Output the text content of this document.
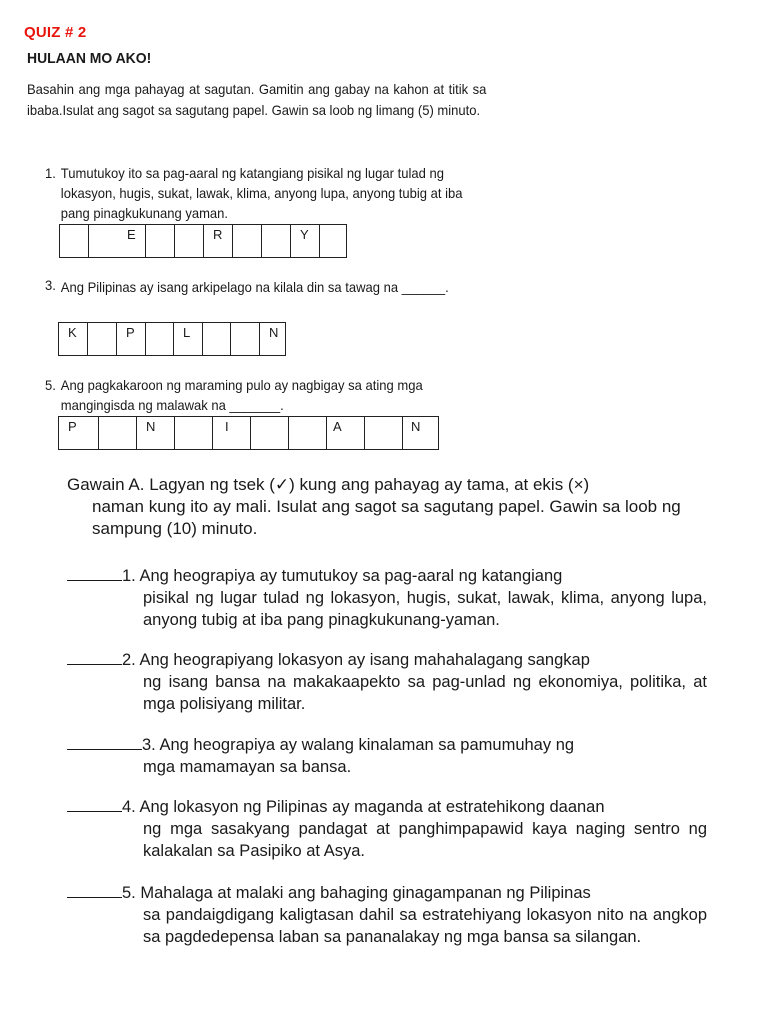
QUIZ # 2

HULAAN MO AKO!

Basahin ang mga pahayag at sagutan. Gamitin ang gabay na kahon at titik sa ibaba.Isulat ang sagot sa sagutang papel. Gawin sa loob ng limang (5) minuto.

1. Tumutukoy ito sa pag-aaral ng katangiang pisikal ng lugar tulad ng lokasyon, hugis, sukat, lawak, klima, anyong lupa, anyong tubig at iba pang pinagkukunang yaman.
E	R	Y
3. Ang Pilipinas ay isang arkipelago na kilala din sa tawag na ______.
K	P	L	N
5. Ang pagkakaroon ng maraming pulo ay nagbigay sa ating mga mangingisda ng malawak na _______.
P	N	I	A	N
Gawain A. Lagyan ng tsek (✓) kung ang pahayag ay tama, at ekis (×)
naman kung ito ay mali. Isulat ang sagot sa sagutang papel. Gawin sa loob ng sampung (10) minuto.
1. Ang heograpiya ay tumutukoy sa pag-aaral ng katangiang
pisikal ng lugar tulad ng lokasyon, hugis, sukat, lawak, klima, anyong lupa, anyong tubig at iba pang pinagkukunang-yaman.
2. Ang heograpiyang lokasyon ay isang mahahalagang sangkap
ng isang bansa na makakaapekto sa pag-unlad ng ekonomiya, politika, at mga polisiyang militar.
3. Ang heograpiya ay walang kinalaman sa pamumuhay ng
mga mamamayan sa bansa.
4. Ang lokasyon ng Pilipinas ay maganda at estratehikong daanan
ng mga sasakyang pandagat at panghimpapawid kaya naging sentro ng kalakalan sa Pasipiko at Asya.
5. Mahalaga at malaki ang bahaging ginagampanan ng Pilipinas
sa pandaigdigang kaligtasan dahil sa estratehiyang lokasyon nito na angkop sa pagdedepensa laban sa pananalakay ng mga bansa sa silangan.
